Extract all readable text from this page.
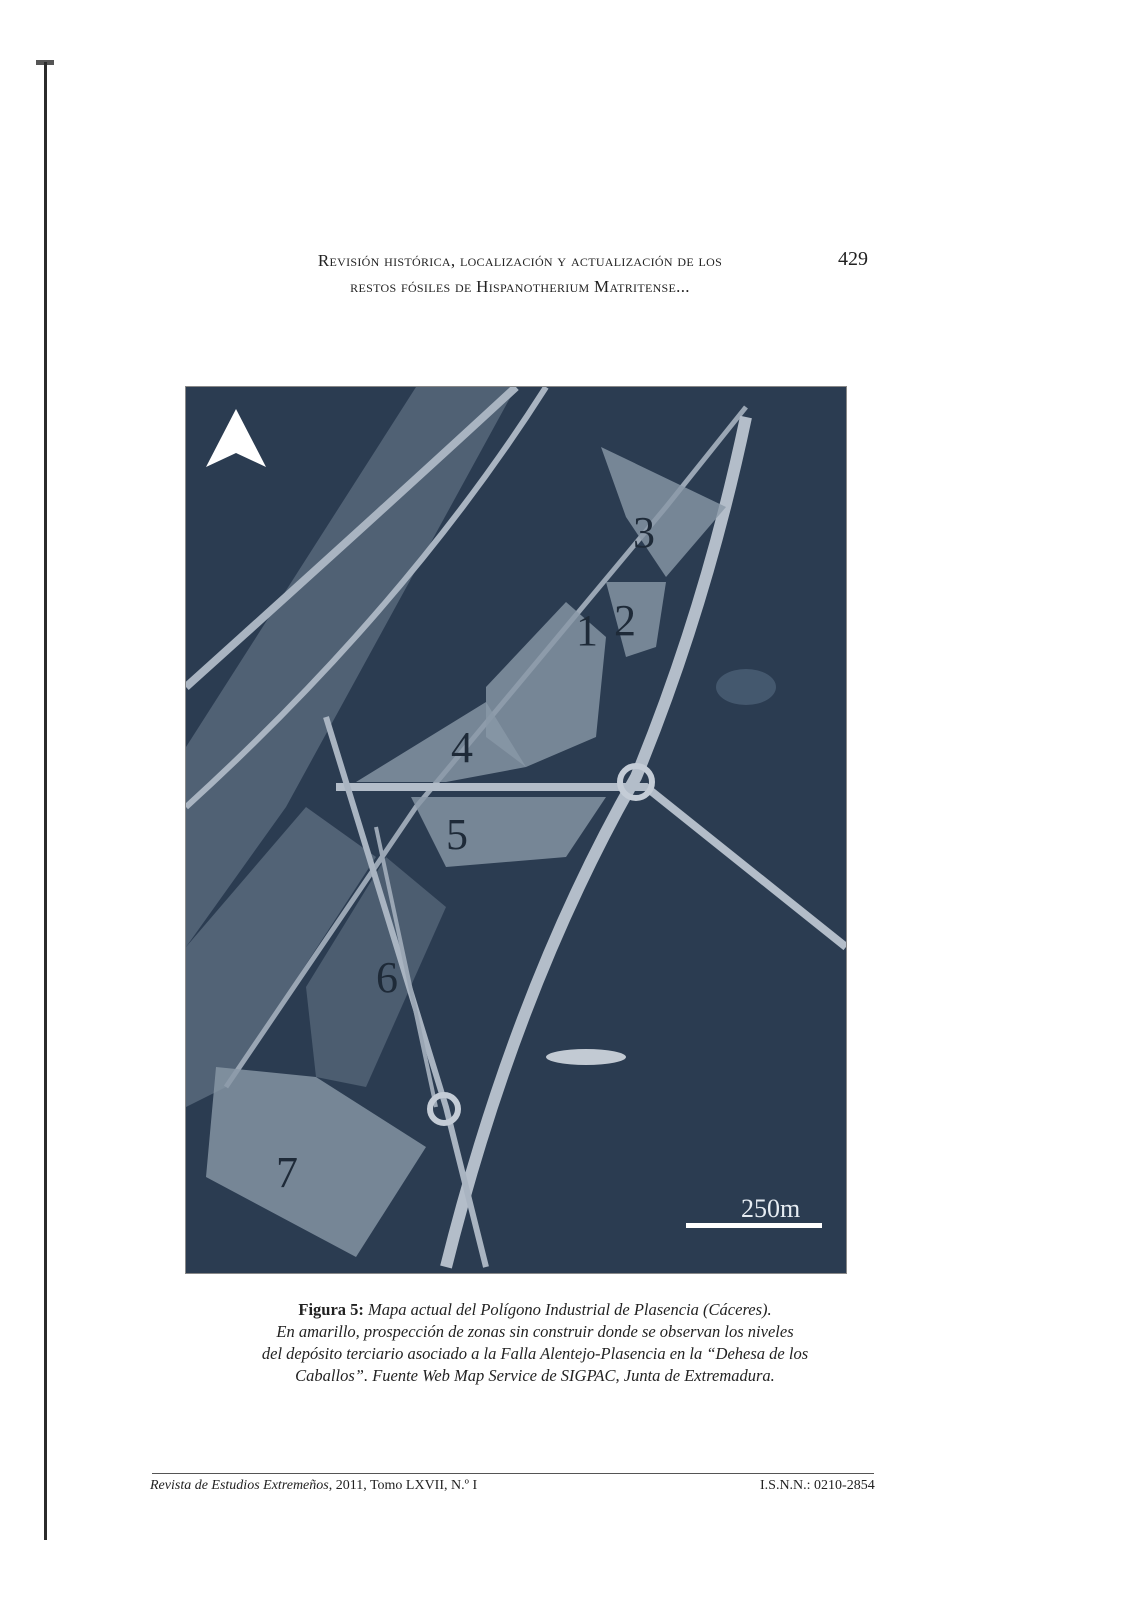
Revisión histórica, localización y actualización de los
restos fósiles de Hispanotherium Matritense...
429
3
2
1
4
5
6
7
250m
Figura 5: Mapa actual del Polígono Industrial de Plasencia (Cáceres).
En amarillo, prospección de zonas sin construir donde se observan los niveles
del depósito terciario asociado a la Falla Alentejo-Plasencia en la “Dehesa de los
Caballos”. Fuente Web Map Service de SIGPAC, Junta de Extremadura.
Revista de Estudios Extremeños, 2011, Tomo LXVII, N.º I	I.S.N.N.: 0210-2854
